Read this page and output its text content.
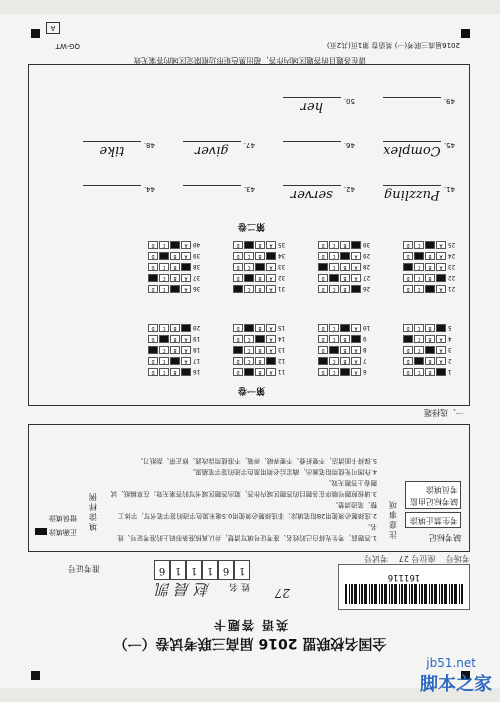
全国名校联盟 2016 届高三联考试卷（一）
英语 答题卡
161116
考场号 座位号 27 考试号
姓 名
赵 晨 凯	27
准考证号	1
6
1
1
1
6
缺考标记
考生禁止填涂
缺考标记由监考员填涂
注意事项
1.答题前，考生先将自己的姓名、准考证号填写清楚，并认真核准条形码上的准考证号、姓名。
2.选择题必须使用2B铅笔填涂；非选择题必须使用0.5毫米黑色字迹的签字笔书写，字体工整、笔迹清楚。
3.请按照题号顺序在各题目的答题区域内作答，超出答题区域书写的答案无效；在草稿纸、试题卷上答题无效。
4.作图可先使用铅笔画出，确定后必须用黑色字迹的签字笔描黑。
5.保持卡面清洁，不要折叠、不要弄破、弄皱，不准使用涂改液、修正带、刮纸刀。
填涂样例
正确填涂
错误填涂
一、选择题
第一卷
1
A
B
C
D
2
A
B
C
D
3
A
B
C
D
4
A
B
C
D
5
A
B
C
D
6
A
B
C
D
7
A
B
C
D
8
A
B
C
D
9
A
B
C
D
10
A
B
C
D
11
A
B
C
D
12
A
B
C
D
13
A
B
C
D
14
A
B
C
D
15
A
B
C
D
16
A
B
C
D
17
A
B
C
D
18
A
B
C
D
19
A
B
C
D
20
A
B
C
D
21
A
B
C
D
22
A
B
C
D
23
A
B
C
D
24
A
B
C
D
25
A
B
C
D
26
A
B
C
D
27
A
B
C
D
28
A
B
C
D
29
A
B
C
D
30
A
B
C
D
31
A
B
C
D
32
A
B
C
D
33
A
B
C
D
34
A
B
C
D
35
A
B
C
D
36
A
B
C
D
37
A
B
C
D
38
A
B
C
D
39
A
B
C
D
40
A
B
C
D
第二卷
41.
Puzzling
42.
server
43.
44.
45.
Complex
46.
47.
giver
48.
tike
49.
50.
her
请在各题目的答题区域内作答，超出黑色矩形边框限定区域的答案无效
2016届高三联考(一) 英语卷 第1页(共2页)
QG-WT
A
jb51.net
脚本之家
